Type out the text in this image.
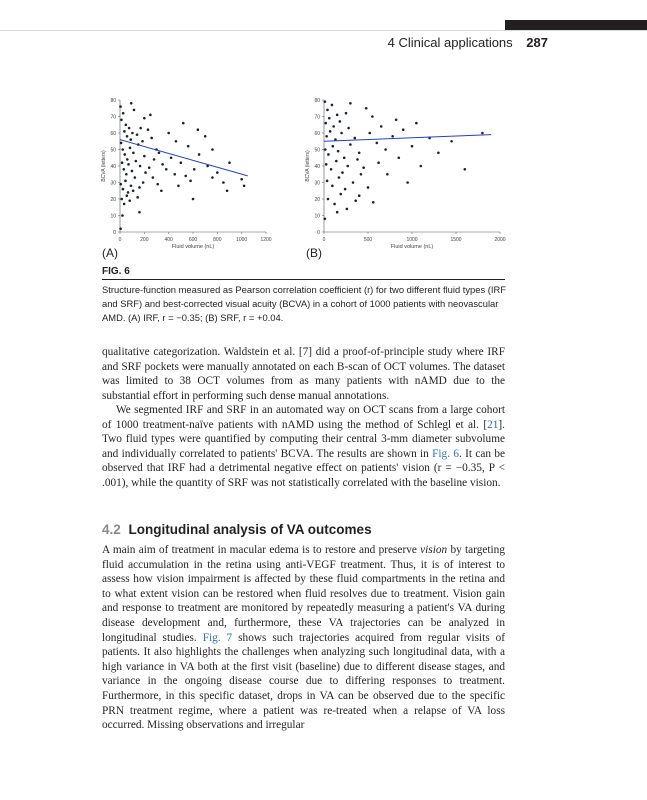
4 Clinical applications 287
0
10
20
30
40
50
60
70
80
0	200	400	600	800	1000	1200
Fluid volume (nL)
BCVA (letters)
0
10
20
30
40
50
60
70
80
0	500	1000	1500	2000
Fluid volume (nL)
BCVA (letters)
(A)	(B)
FIG. 6
Structure-function measured as Pearson correlation coefficient (r) for two different fluid types (IRF and SRF) and best-corrected visual acuity (BCVA) in a cohort of 1000 patients with neovascular AMD. (A) IRF, r = −0.35; (B) SRF, r = +0.04.

qualitative categorization. Waldstein et al. [7] did a proof-of-principle study where IRF and SRF pockets were manually annotated on each B-scan of OCT volumes. The dataset was limited to 38 OCT volumes from as many patients with nAMD due to the substantial effort in performing such dense manual annotations.

We segmented IRF and SRF in an automated way on OCT scans from a large cohort of 1000 treatment-naïve patients with nAMD using the method of Schlegl et al. [21]. Two fluid types were quantified by computing their central 3-mm diameter subvolume and individually correlated to patients' BCVA. The results are shown in Fig. 6. It can be observed that IRF had a detrimental negative effect on patients' vision (r = −0.35, P < .001), while the quantity of SRF was not statistically correlated with the baseline vision.

4.2 Longitudinal analysis of VA outcomes

A main aim of treatment in macular edema is to restore and preserve vision by targeting fluid accumulation in the retina using anti-VEGF treatment. Thus, it is of interest to assess how vision impairment is affected by these fluid compartments in the retina and to what extent vision can be restored when fluid resolves due to treatment. Vision gain and response to treatment are monitored by repeatedly measuring a patient's VA during disease development and, furthermore, these VA trajectories can be analyzed in longitudinal studies. Fig. 7 shows such trajectories acquired from regular visits of patients. It also highlights the challenges when analyzing such longitudinal data, with a high variance in VA both at the first visit (baseline) due to different disease stages, and variance in the ongoing disease course due to differing responses to treatment. Furthermore, in this specific dataset, drops in VA can be observed due to the specific PRN treatment regime, where a patient was re-treated when a relapse of VA loss occurred. Missing observations and irregular
